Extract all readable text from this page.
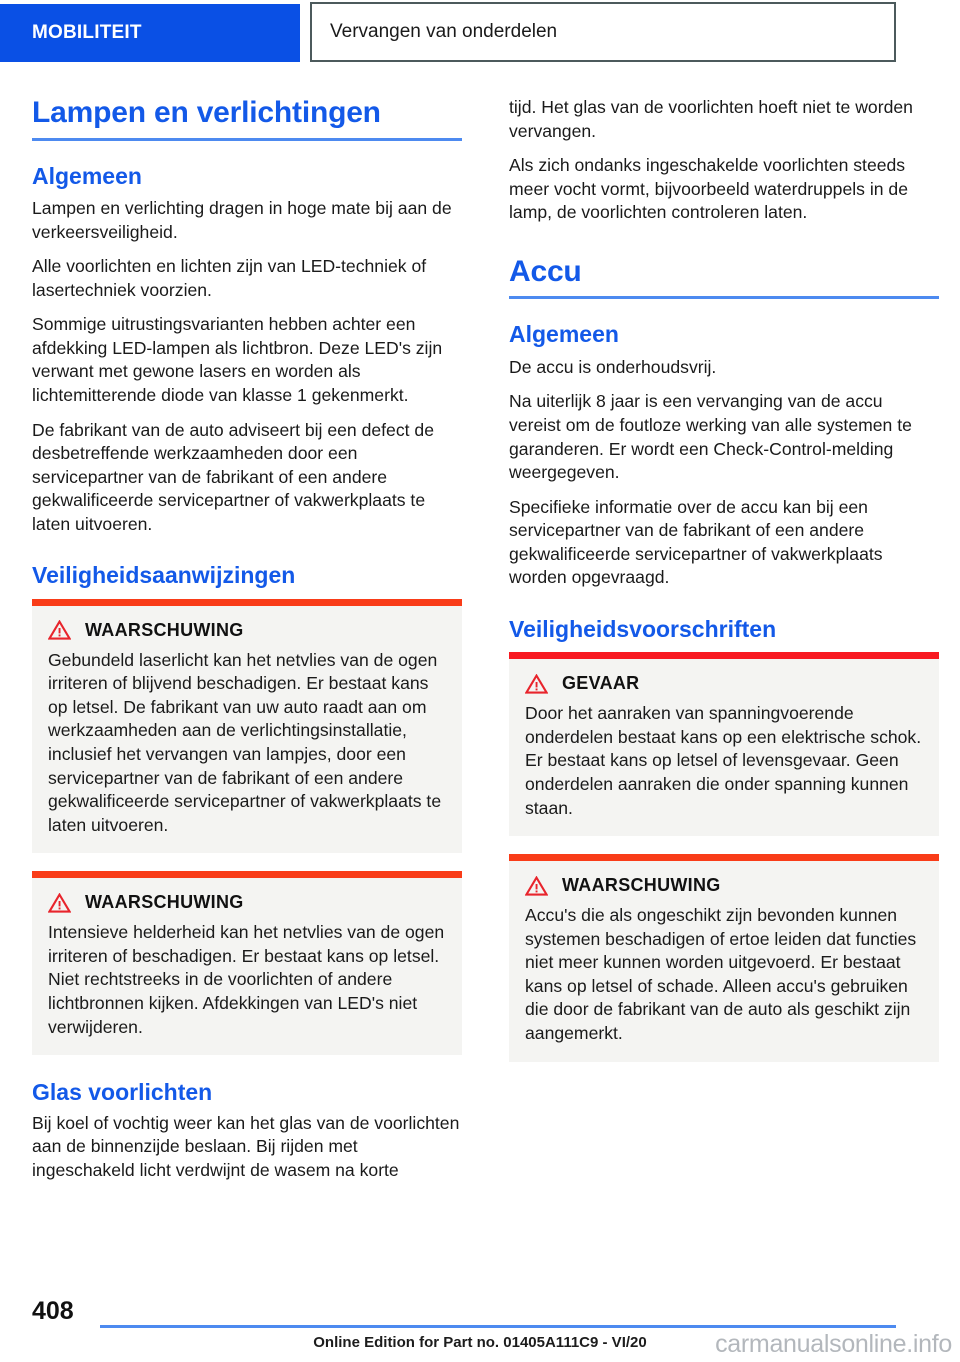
MOBILITEIT	Vervangen van onderdelen
Lampen en verlichtingen
Algemeen

Lampen en verlichting dragen in hoge mate bij aan de verkeersveiligheid.

Alle voorlichten en lichten zijn van LED-techniek of lasertechniek voorzien.

Sommige uitrustingsvarianten hebben achter een afdekking LED-lampen als lichtbron. Deze LED's zijn verwant met gewone lasers en worden als lichtemitterende diode van klasse 1 gekenmerkt.

De fabrikant van de auto adviseert bij een defect de desbetreffende werkzaamheden door een servicepartner van de fabrikant of een andere gekwalificeerde servicepartner of vakwerkplaats te laten uitvoeren.

Veiligheidsaanwijzingen
WAARSCHUWING

Gebundeld laserlicht kan het netvlies van de ogen irriteren of blijvend beschadigen. Er bestaat kans op letsel. De fabrikant van uw auto raadt aan om werkzaamheden aan de verlichtingsinstallatie, inclusief het vervangen van lampjes, door een servicepartner van de fabrikant of een andere gekwalificeerde servicepartner of vakwerkplaats te laten uitvoeren.

WAARSCHUWING

Intensieve helderheid kan het netvlies van de ogen irriteren of beschadigen. Er bestaat kans op letsel. Niet rechtstreeks in de voorlichten of andere lichtbronnen kijken. Afdekkingen van LED's niet verwijderen.

Glas voorlichten

Bij koel of vochtig weer kan het glas van de voorlichten aan de binnenzijde beslaan. Bij rijden met ingeschakeld licht verdwijnt de wasem na korte

tijd. Het glas van de voorlichten hoeft niet te worden vervangen.

Als zich ondanks ingeschakelde voorlichten steeds meer vocht vormt, bijvoorbeeld waterdruppels in de lamp, de voorlichten controleren laten.

Accu
Algemeen

De accu is onderhoudsvrij.

Na uiterlijk 8 jaar is een vervanging van de accu vereist om de foutloze werking van alle systemen te garanderen. Er wordt een Check-Control-melding weergegeven.

Specifieke informatie over de accu kan bij een servicepartner van de fabrikant of een andere gekwalificeerde servicepartner of vakwerkplaats worden opgevraagd.

Veiligheidsvoorschriften
GEVAAR

Door het aanraken van spanningvoerende onderdelen bestaat kans op een elektrische schok. Er bestaat kans op letsel of levensgevaar. Geen onderdelen aanraken die onder spanning kunnen staan.

WAARSCHUWING

Accu's die als ongeschikt zijn bevonden kunnen systemen beschadigen of ertoe leiden dat functies niet meer kunnen worden uitgevoerd. Er bestaat kans op letsel of schade. Alleen accu's gebruiken die door de fabrikant van de auto als geschikt zijn aangemerkt.

408
Online Edition for Part no. 01405A111C9 - VI/20	carmanualsonline.info
